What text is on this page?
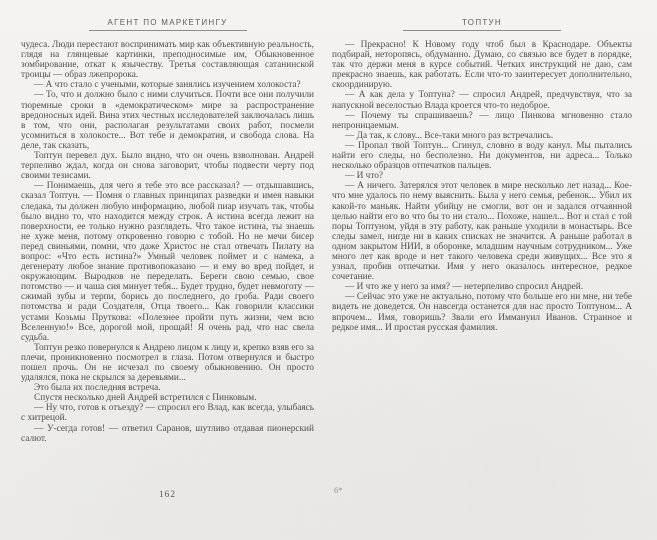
АГЕНТ ПО МАРКЕТИНГУ

чудеса. Люди перестают воспринимать мир как объективную реальность, глядя на глянцевые картинки, преподносимые им, Обыкновенное зомбирование, откат к язычеству. Третья составляющая сатанинской троицы — образ лжепророка.

— А что стало с учеными, которые занялись изучением холокоста?

— То, что и должно было с ними случиться. Почти все они получили тюремные сроки в «демократическом» мире за распространение вредоносных идей. Вина этих честных исследователей заключалась лишь в том, что они, располагая результатами своих работ, посмели усомниться в холокосте... Вот тебе и демократия, и свобода слова. На деле, так сказать,

Топтун перевел дух. Было видно, что он очень взволнован. Андрей терпеливо ждал, когда он снова заговорит, чтобы подвести черту под своими тезисами.

— Понимаешь, для чего я тебе это все рассказал? — отдышавшись, сказал Топтун. — Помня о главных принципах разведки и имея навыки следака, ты должен любую информацию, любой пиар изучать так, чтобы было видно то, что находится между строк. А истина всегда лежит на поверхности, ее только нужно разглядеть. Что такое истина, ты знаешь не хуже меня, потому откровенно говорю с тобой. Но не мечи бисер перед свиньями, помни, что даже Христос не стал отвечать Пилату на вопрос: «Что есть истина?» Умный человек поймет и с намека, а дегенерату любое знание противопоказано — и ему во вред пойдет, и окружающим. Выродков не переделать. Береги свою семью, свое потомство — и чаша сия минует тебя... Будет трудно, будет невмоготу — сжимай зубы и терпи, борись до последнего, до гроба. Ради своего потомства и ради Создателя, Отца твоего... Как говорили классики устами Козьмы Пруткова: «Полезнее пройти путь жизни, чем всю Вселенную!» Все, дорогой мой, прощай! Я очень рад, что нас свела судьба.

Топтун резко повернулся к Андрею лицом к лицу и, крепко взяв его за плечи, проникновенно посмотрел в глаза. Потом отвернулся и быстро пошел прочь. Он не исчезал по своему обыкновению. Он просто удалялся, пока не скрылся за деревьями...

Это была их последняя встреча.

Спустя несколько дней Андрей встретился с Пинковым.

— Ну что, готов к отъезду? — спросил его Влад, как всегда, улыбаясь с хитрецой.

— У-сегда готов! — ответил Саранов, шутливо отдавая пионерский салют.

ТОПТУН

— Прекрасно! К Новому году чтоб был в Краснодаре. Объекты подбирай, неторопясь, обдуманно. Думаю, со связью все будет в порядке, так что держи меня в курсе событий. Четких инструкций не даю, сам прекрасно знаешь, как работать. Если что-то заинтересует дополнительно, скоординирую.

— А как дела у Топтуна? — спросил Андрей, предчувствуя, что за напускной веселостью Влада кроется что-то недоброе.

— Почему ты спрашиваешь? — лицо Пинкова мгновенно стало непроницаемым.

— Да так, к слову... Все-таки много раз встречались.

— Пропал твой Топтун... Сгинул, словно в воду канул. Мы пытались найти его следы, но бесполезно. Ни документов, ни адреса... Только несколько образцов отпечатков пальцев.

— И что?

— А ничего. Затерялся этот человек в мире несколько лет назад... Кое-что мне удалось по нему выяснить. Была у него семья, ребенок... Убил их какой-то маньяк. Найти убийцу не смогли, вот он и задался отчаянной целью найти его во что бы то ни стало... Похоже, нашел... Вот и стал с той поры Топтуном, уйдя в эту работу, как раньше уходили в монастырь. Все следы замел, нигде ни в каких списках не значится. А раньше работал в одном закрытом НИИ, в оборонке, младшим научным сотрудником... Уже много лет как вроде и нет такого человека среди живущих... Все это я узнал, пробив отпечатки. Имя у него оказалось интересное, редкое сочетание.

— И что же у него за имя? — нетерпеливо спросил Андрей.

— Сейчас это уже не актуально, потому что больше его ни мне, ни тебе видеть не доведется. Он навсегда останется для нас просто Топтуном... А впрочем... Имя, говоришь? Звали его Иммануил Иванов. Странное и редкое имя... И простая русская фамилия.

162	6*
